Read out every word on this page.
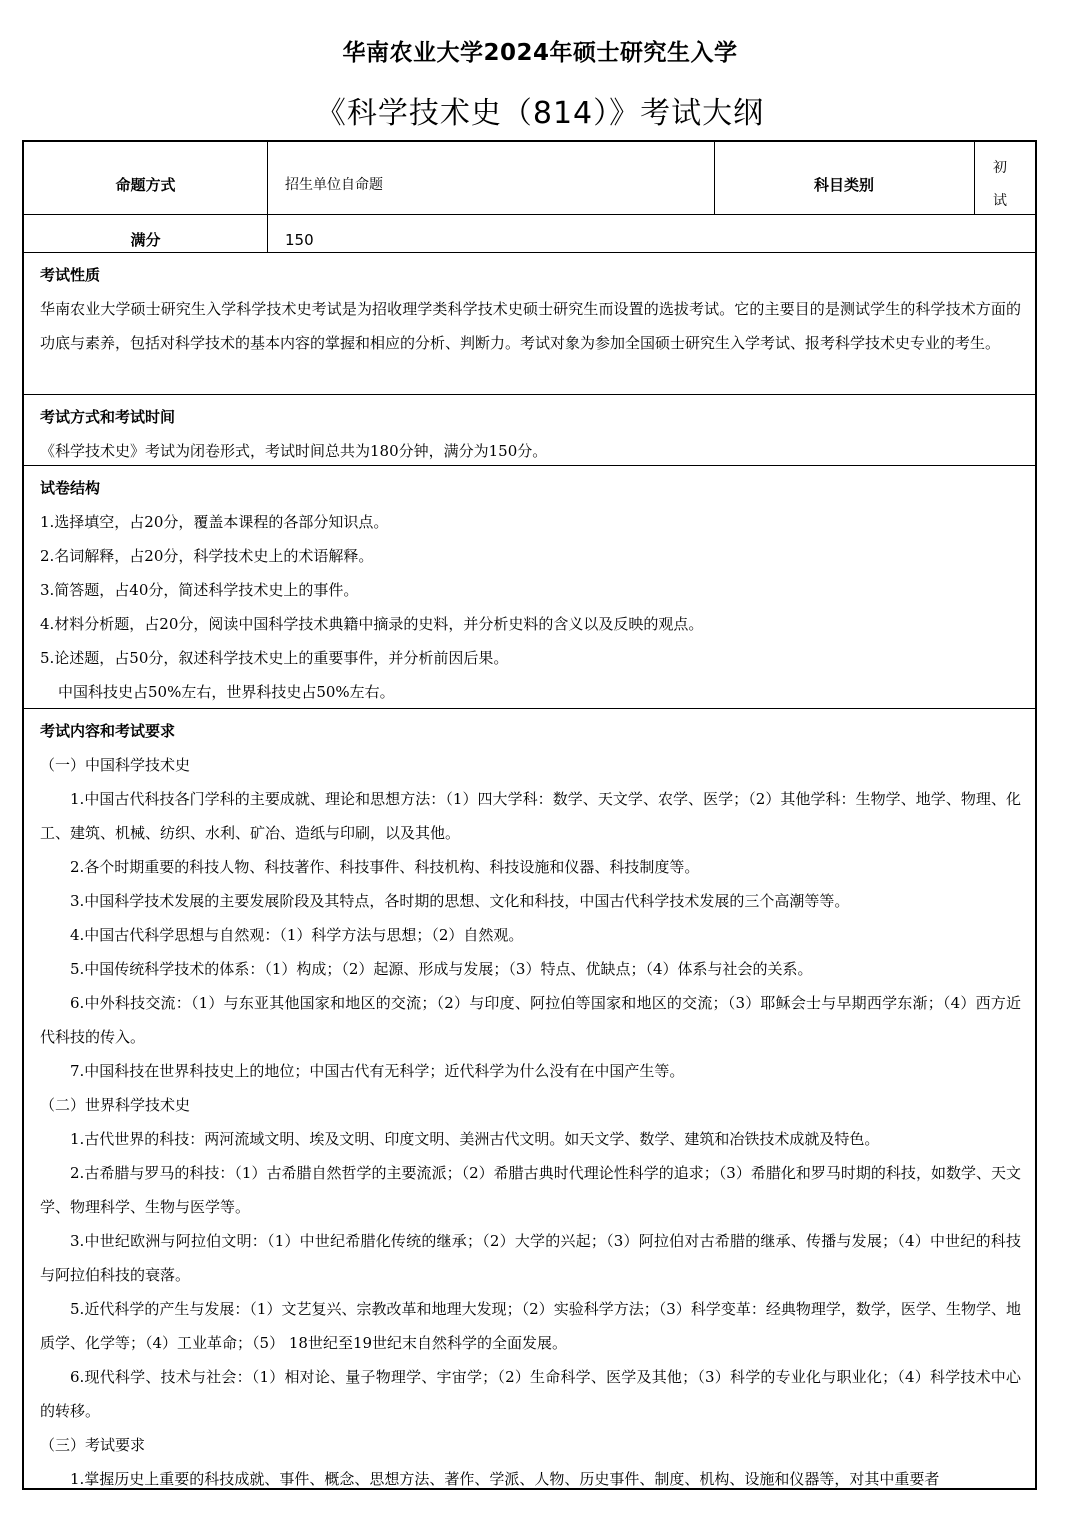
华南农业大学2024年硕士研究生入学
《科学技术史（814）》考试大纲
命题方式	招生单位自命题	科目类别
初
试
满分	150
考试性质

华南农业大学硕士研究生入学科学技术史考试是为招收理学类科学技术史硕士研究生而设置的选拔考试。它的主要目的是测试学生的科学技术方面的功底与素养，包括对科学技术的基本内容的掌握和相应的分析、判断力。考试对象为参加全国硕士研究生入学考试、报考科学技术史专业的考生。

考试方式和考试时间

《科学技术史》考试为闭卷形式，考试时间总共为180分钟，满分为150分。

试卷结构

1.选择填空，占20分，覆盖本课程的各部分知识点。

2.名词解释，占20分，科学技术史上的术语解释。

3.简答题，占40分，简述科学技术史上的事件。

4.材料分析题，占20分，阅读中国科学技术典籍中摘录的史料，并分析史料的含义以及反映的观点。

5.论述题，占50分，叙述科学技术史上的重要事件，并分析前因后果。

中国科技史占50%左右，世界科技史占50%左右。

考试内容和考试要求

（一）中国科学技术史

1.中国古代科技各门学科的主要成就、理论和思想方法：（1）四大学科：数学、天文学、农学、医学；（2）其他学科：生物学、地学、物理、化工、建筑、机械、纺织、水利、矿冶、造纸与印刷，以及其他。

2.各个时期重要的科技人物、科技著作、科技事件、科技机构、科技设施和仪器、科技制度等。

3.中国科学技术发展的主要发展阶段及其特点，各时期的思想、文化和科技，中国古代科学技术发展的三个高潮等等。

4.中国古代科学思想与自然观：（1）科学方法与思想；（2）自然观。

5.中国传统科学技术的体系：（1）构成；（2）起源、形成与发展；（3）特点、优缺点；（4）体系与社会的关系。

6.中外科技交流：（1）与东亚其他国家和地区的交流；（2）与印度、阿拉伯等国家和地区的交流；（3）耶稣会士与早期西学东渐；（4）西方近代科技的传入。

7.中国科技在世界科技史上的地位；中国古代有无科学；近代科学为什么没有在中国产生等。

（二）世界科学技术史

1.古代世界的科技：两河流域文明、埃及文明、印度文明、美洲古代文明。如天文学、数学、建筑和冶铁技术成就及特色。

2.古希腊与罗马的科技：（1）古希腊自然哲学的主要流派；（2）希腊古典时代理论性科学的追求；（3）希腊化和罗马时期的科技，如数学、天文学、物理科学、生物与医学等。

3.中世纪欧洲与阿拉伯文明：（1）中世纪希腊化传统的继承；（2）大学的兴起；（3）阿拉伯对古希腊的继承、传播与发展；（4）中世纪的科技与阿拉伯科技的衰落。

5.近代科学的产生与发展：（1）文艺复兴、宗教改革和地理大发现；（2）实验科学方法；（3）科学变革：经典物理学，数学，医学、生物学、地质学、化学等；（4）工业革命；（5） 18世纪至19世纪末自然科学的全面发展。

6.现代科学、技术与社会：（1）相对论、量子物理学、宇宙学；（2）生命科学、医学及其他；（3）科学的专业化与职业化；（4）科学技术中心的转移。

（三）考试要求

1.掌握历史上重要的科技成就、事件、概念、思想方法、著作、学派、人物、历史事件、制度、机构、设施和仪器等，对其中重要者
